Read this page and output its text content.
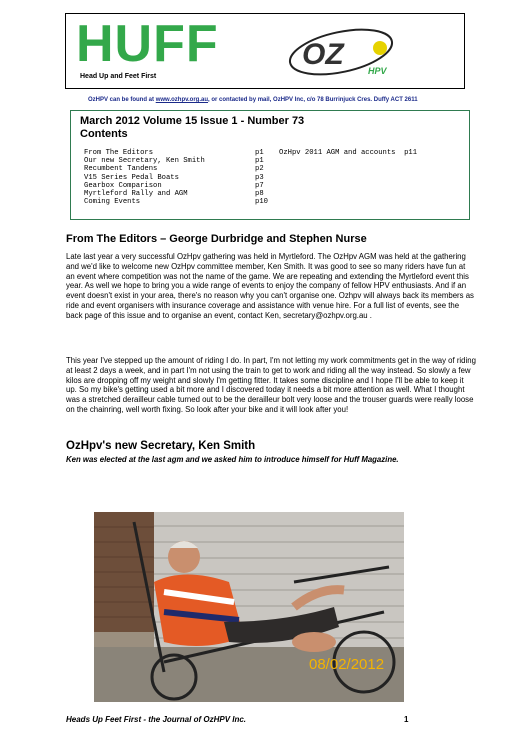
HUFF
Head Up and Feet First
OZ	HPV
OzHPV can be found at www.ozhpv.org.au, or contacted by mail, OzHPV Inc, c/o 78 Burrinjuck Cres. Duffy ACT 2611
March 2012 Volume 15 Issue 1 - Number 73
Contents
From The Editors
Our new Secretary, Ken Smith
Recumbent Tandens
V15 Series Pedal Boats
Gearbox Comparison
Myrtleford Rally and AGM
Coming Events
p1
p1
p2
p3
p7
p8
p10
OzHpv 2011 AGM and accounts p11
From The Editors – George Durbridge and Stephen Nurse
Late last year a very successful OzHpv gathering was held in Myrtleford. The OzHpv AGM was held at the gathering and we'd like to welcome new OzHpv committee member, Ken Smith. It was good to see so many riders have fun at an event where competition was not the name of the game. We are repeating and extending the Myrtleford event this year. As well we hope to bring you a wide range of events to enjoy the company of fellow HPV enthusiasts. And if an event doesn't exist in your area, there's no reason why you can't organise one. Ozhpv will always back its members as ride and event organisers with insurance coverage and assistance with venue hire. For a full list of events, see the back page of this issue and to organise an event, contact Ken, secretary@ozhpv.org.au .
This year I've stepped up the amount of riding I do. In part, I'm not letting my work commitments get in the way of riding at least 2 days a week, and in part I'm not using the train to get to work and riding all the way instead. So slowly a few kilos are dropping off my weight and slowly I'm getting fitter. It takes some discipline and I hope I'll be able to keep it up. So my bike's getting used a bit more and I discovered today it needs a bit more attention as well. What I thought was a stretched derailleur cable turned out to be the derailleur bolt very loose and the trouser guards were really loose on the chainring, well worth fixing. So look after your bike and it will look after you!
OzHpv's new Secretary, Ken Smith
Ken was elected at the last agm and we asked him to introduce himself for Huff Magazine.
08/02/2012
Heads Up Feet First - the Journal of OzHPV Inc.	1
